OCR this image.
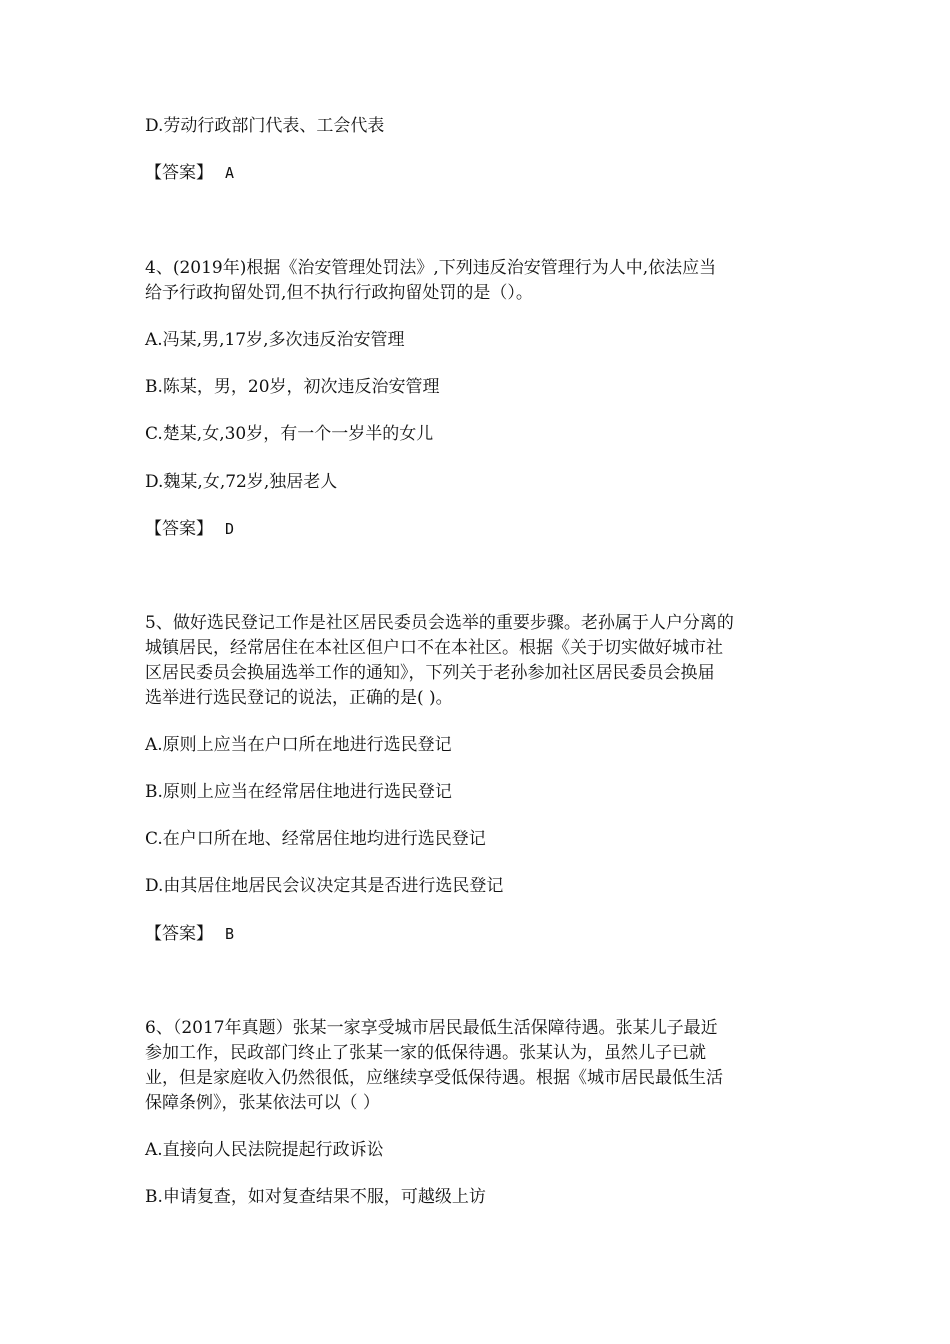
D.劳动行政部门代表、工会代表
【答案】 A
4、(2019年)根据《治安管理处罚法》,下列违反治安管理行为人中,依法应当
给予行政拘留处罚,但不执行行政拘留处罚的是（）。
A.冯某,男,17岁,多次违反治安管理
B.陈某，男，20岁，初次违反治安管理
C.楚某,女,30岁，有一个一岁半的女儿
D.魏某,女,72岁,独居老人
【答案】 D
5、做好选民登记工作是社区居民委员会选举的重要步骤。老孙属于人户分离的
城镇居民，经常居住在本社区但户口不在本社区。根据《关于切实做好城市社
区居民委员会换届选举工作的通知》，下列关于老孙参加社区居民委员会换届
选举进行选民登记的说法，正确的是( )。
A.原则上应当在户口所在地进行选民登记
B.原则上应当在经常居住地进行选民登记
C.在户口所在地、经常居住地均进行选民登记
D.由其居住地居民会议决定其是否进行选民登记
【答案】 B
6、（2017年真题）张某一家享受城市居民最低生活保障待遇。张某儿子最近
参加工作，民政部门终止了张某一家的低保待遇。张某认为，虽然儿子已就
业，但是家庭收入仍然很低，应继续享受低保待遇。根据《城市居民最低生活
保障条例》，张某依法可以（ ）
A.直接向人民法院提起行政诉讼
B.申请复查，如对复查结果不服，可越级上访
